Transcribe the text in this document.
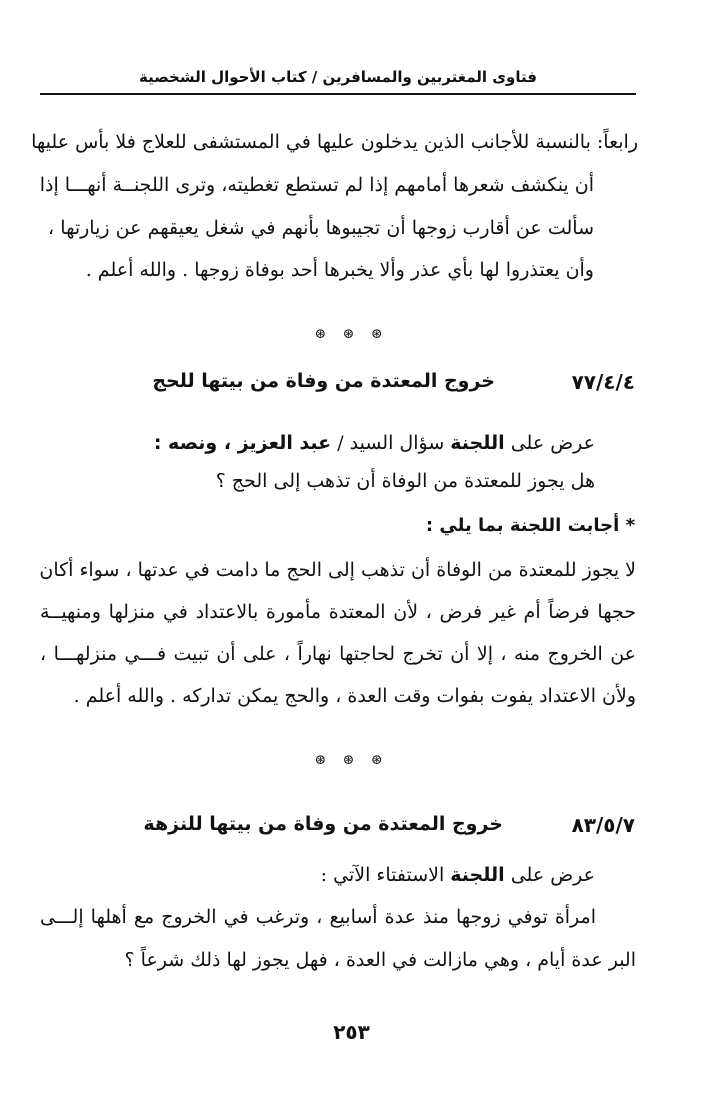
فتاوى المغتربين والمسافرين / كتاب الأحوال الشخصية
رابعاً: بالنسبة للأجانب الذين يدخلون عليها في المستشفى للعلاج فلا بأس عليها
أن ينكشف شعرها أمامهم إذا لم تستطع تغطيته، وترى اللجنــة أنهـــا إذا
سألت عن أقارب زوجها أن تجيبوها بأنهم في شغل يعيقهم عن زيارتها ،
وأن يعتذروا لها بأي عذر وألا يخبرها أحد بوفاة زوجها . والله أعلم .
⊛ ⊛ ⊛
٧٧/٤/٤
خروج المعتدة من وفاة من بيتها للحج
عرض على اللجنة سؤال السيد / عبد العزيز ، ونصه :
هل يجوز للمعتدة من الوفاة أن تذهب إلى الحج ؟
* أجابت اللجنة بما يلي :
لا يجوز للمعتدة من الوفاة أن تذهب إلى الحج ما دامت في عدتها ، سواء أكان
حجها فرضاً أم غير فرض ، لأن المعتدة مأمورة بالاعتداد في منزلها ومنهيــة
عن الخروج منه ، إلا أن تخرج لحاجتها نهاراً ، على أن تبيت فـــي منزلهـــا ،
ولأن الاعتداد يفوت بفوات وقت العدة ، والحج يمكن تداركه . والله أعلم .
⊛ ⊛ ⊛
٨٣/٥/٧
خروج المعتدة من وفاة من بيتها للنزهة
عرض على اللجنة الاستفتاء الآتي :
امرأة توفي زوجها منذ عدة أسابيع ، وترغب في الخروج مع أهلها إلـــى
البر عدة أيام ، وهي مازالت في العدة ، فهل يجوز لها ذلك شرعاً ؟
٢٥٣
